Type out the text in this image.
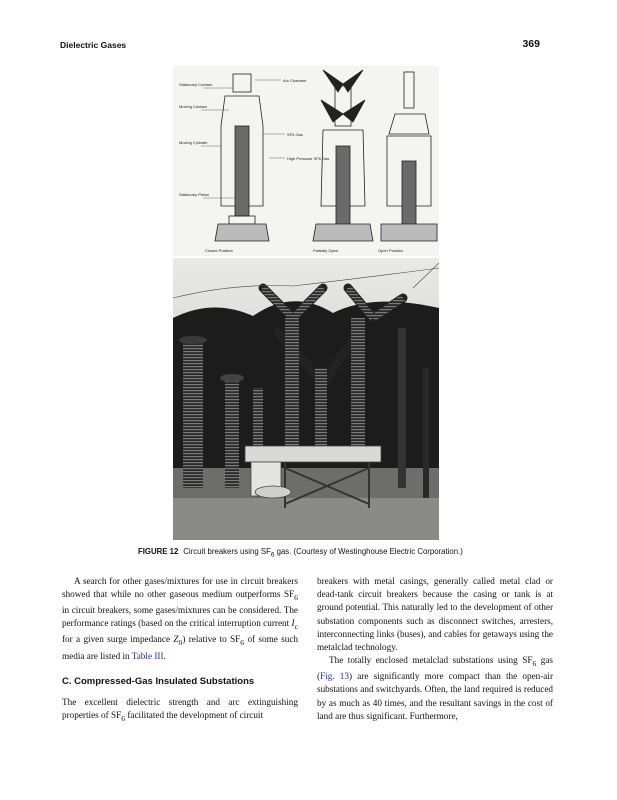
Dielectric Gases	369
Stationary Contact
Moving Contact
Moving Cylinder
Stationary Piston
Arc Chamber
SF6 Gas
High Pressure SF6 Gas
Closed Position	Partially Open	Open Position
FIGURE 12 Circuit breakers using $SF_6$ gas. (Courtesy of Westinghouse Electric Corporation.)

A search for other gases/mixtures for use in circuit breakers showed that while no other gaseous medium outperforms $SF_6$ in circuit breakers, some gases/mixtures can be considered. The performance ratings (based on the critical interruption current $I_c$ for a given surge impedance $Z_0$) relative to $SF_6$ of some such media are listed in Table III.

C. Compressed-Gas Insulated Substations

The excellent dielectric strength and arc extinguishing properties of $SF_6$ facilitated the development of circuit

breakers with metal casings, generally called metal clad or dead-tank circuit breakers because the casing or tank is at ground potential. This naturally led to the development of other substation components such as disconnect switches, arresters, interconnecting links (buses), and cables for getaways using the metalclad technology.

The totally enclosed metalclad substations using $SF_6$ gas (Fig. 13) are significantly more compact than the open-air substations and switchyards. Often, the land required is reduced by as much as 40 times, and the resultant savings in the cost of land are thus significant. Furthermore,
